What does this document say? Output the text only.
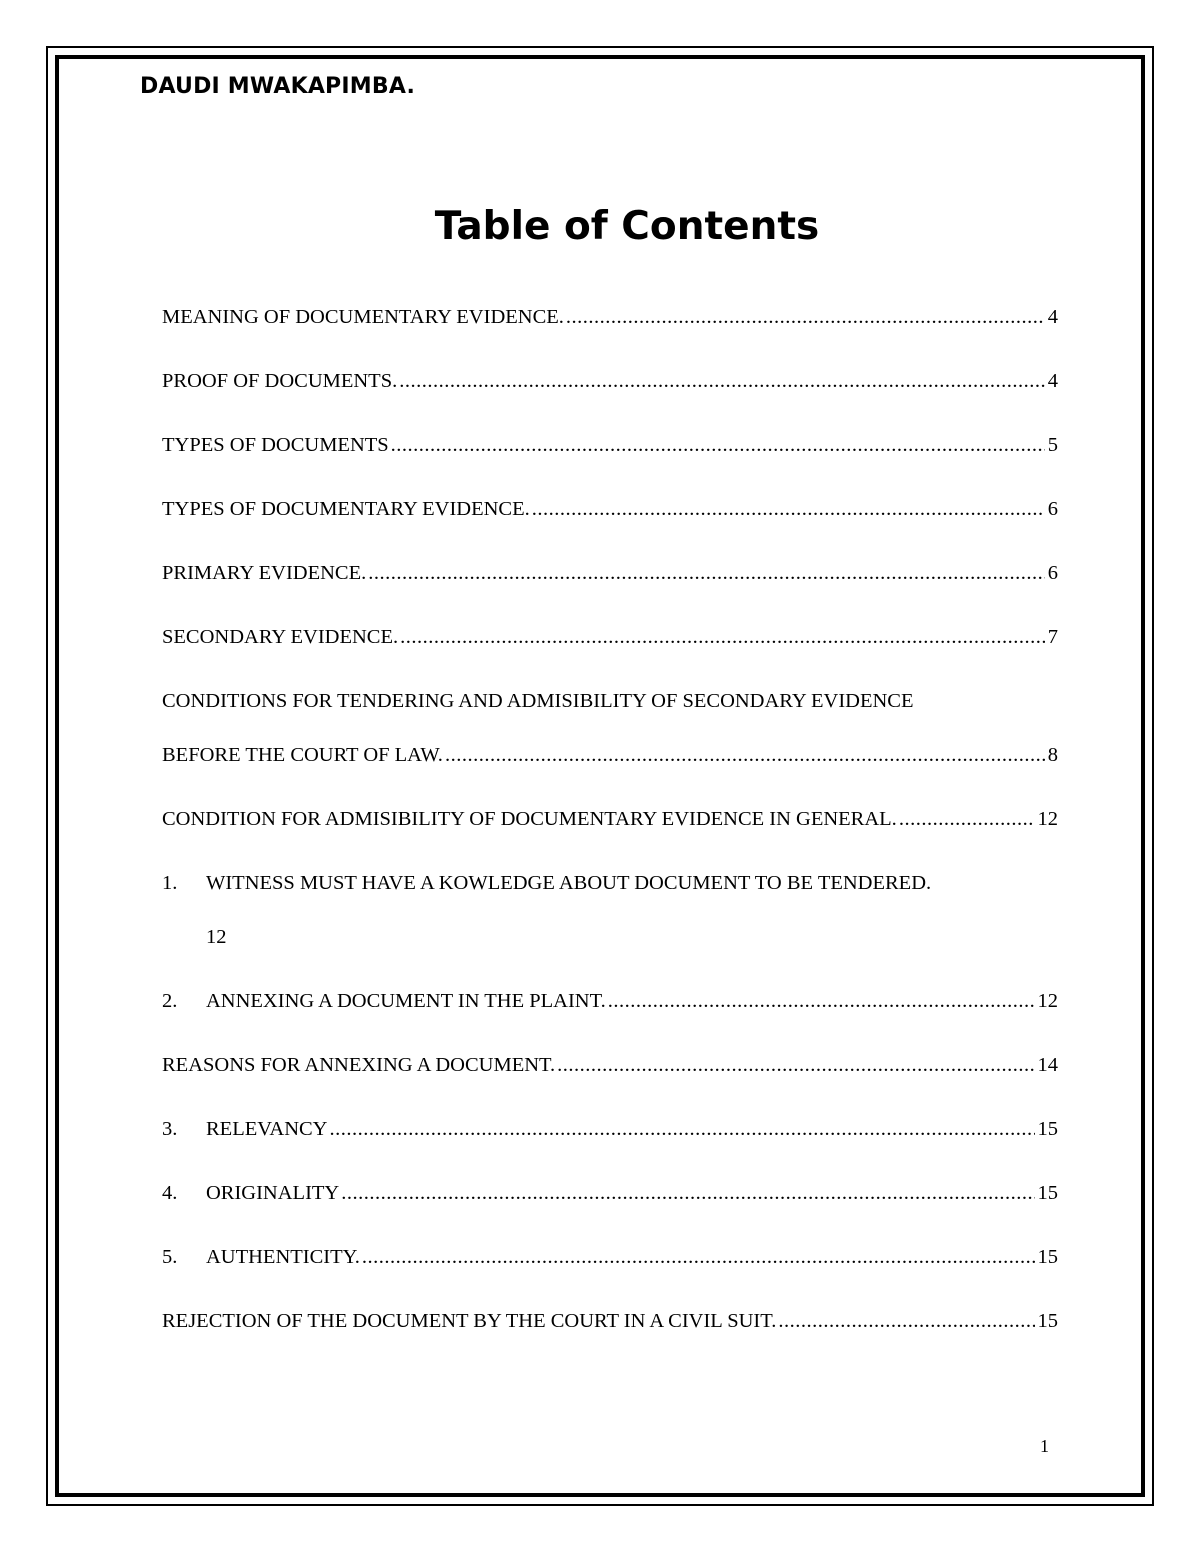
DAUDI MWAKAPIMBA.
Table of Contents
MEANING OF DOCUMENTARY EVIDENCE. .....	4
PROOF OF DOCUMENTS. .....	4
TYPES OF DOCUMENTS .....	5
TYPES OF DOCUMENTARY EVIDENCE. .....	6
PRIMARY EVIDENCE. .....	6
SECONDARY EVIDENCE. .....	7
CONDITIONS FOR TENDERING AND ADMISIBILITY OF SECONDARY EVIDENCE
BEFORE THE COURT OF LAW. .....	8
CONDITION FOR ADMISIBILITY OF DOCUMENTARY EVIDENCE IN GENERAL. .....	12
1.	WITNESS MUST HAVE A KOWLEDGE ABOUT DOCUMENT TO BE TENDERED.
12
2.	ANNEXING A DOCUMENT IN THE PLAINT. .....	12
REASONS FOR ANNEXING A DOCUMENT. .....	14
3.	RELEVANCY .....	15
4.	ORIGINALITY .....	15
5.	AUTHENTICITY. .....	15
REJECTION OF THE DOCUMENT BY THE COURT IN A CIVIL SUIT. .....	15
1
